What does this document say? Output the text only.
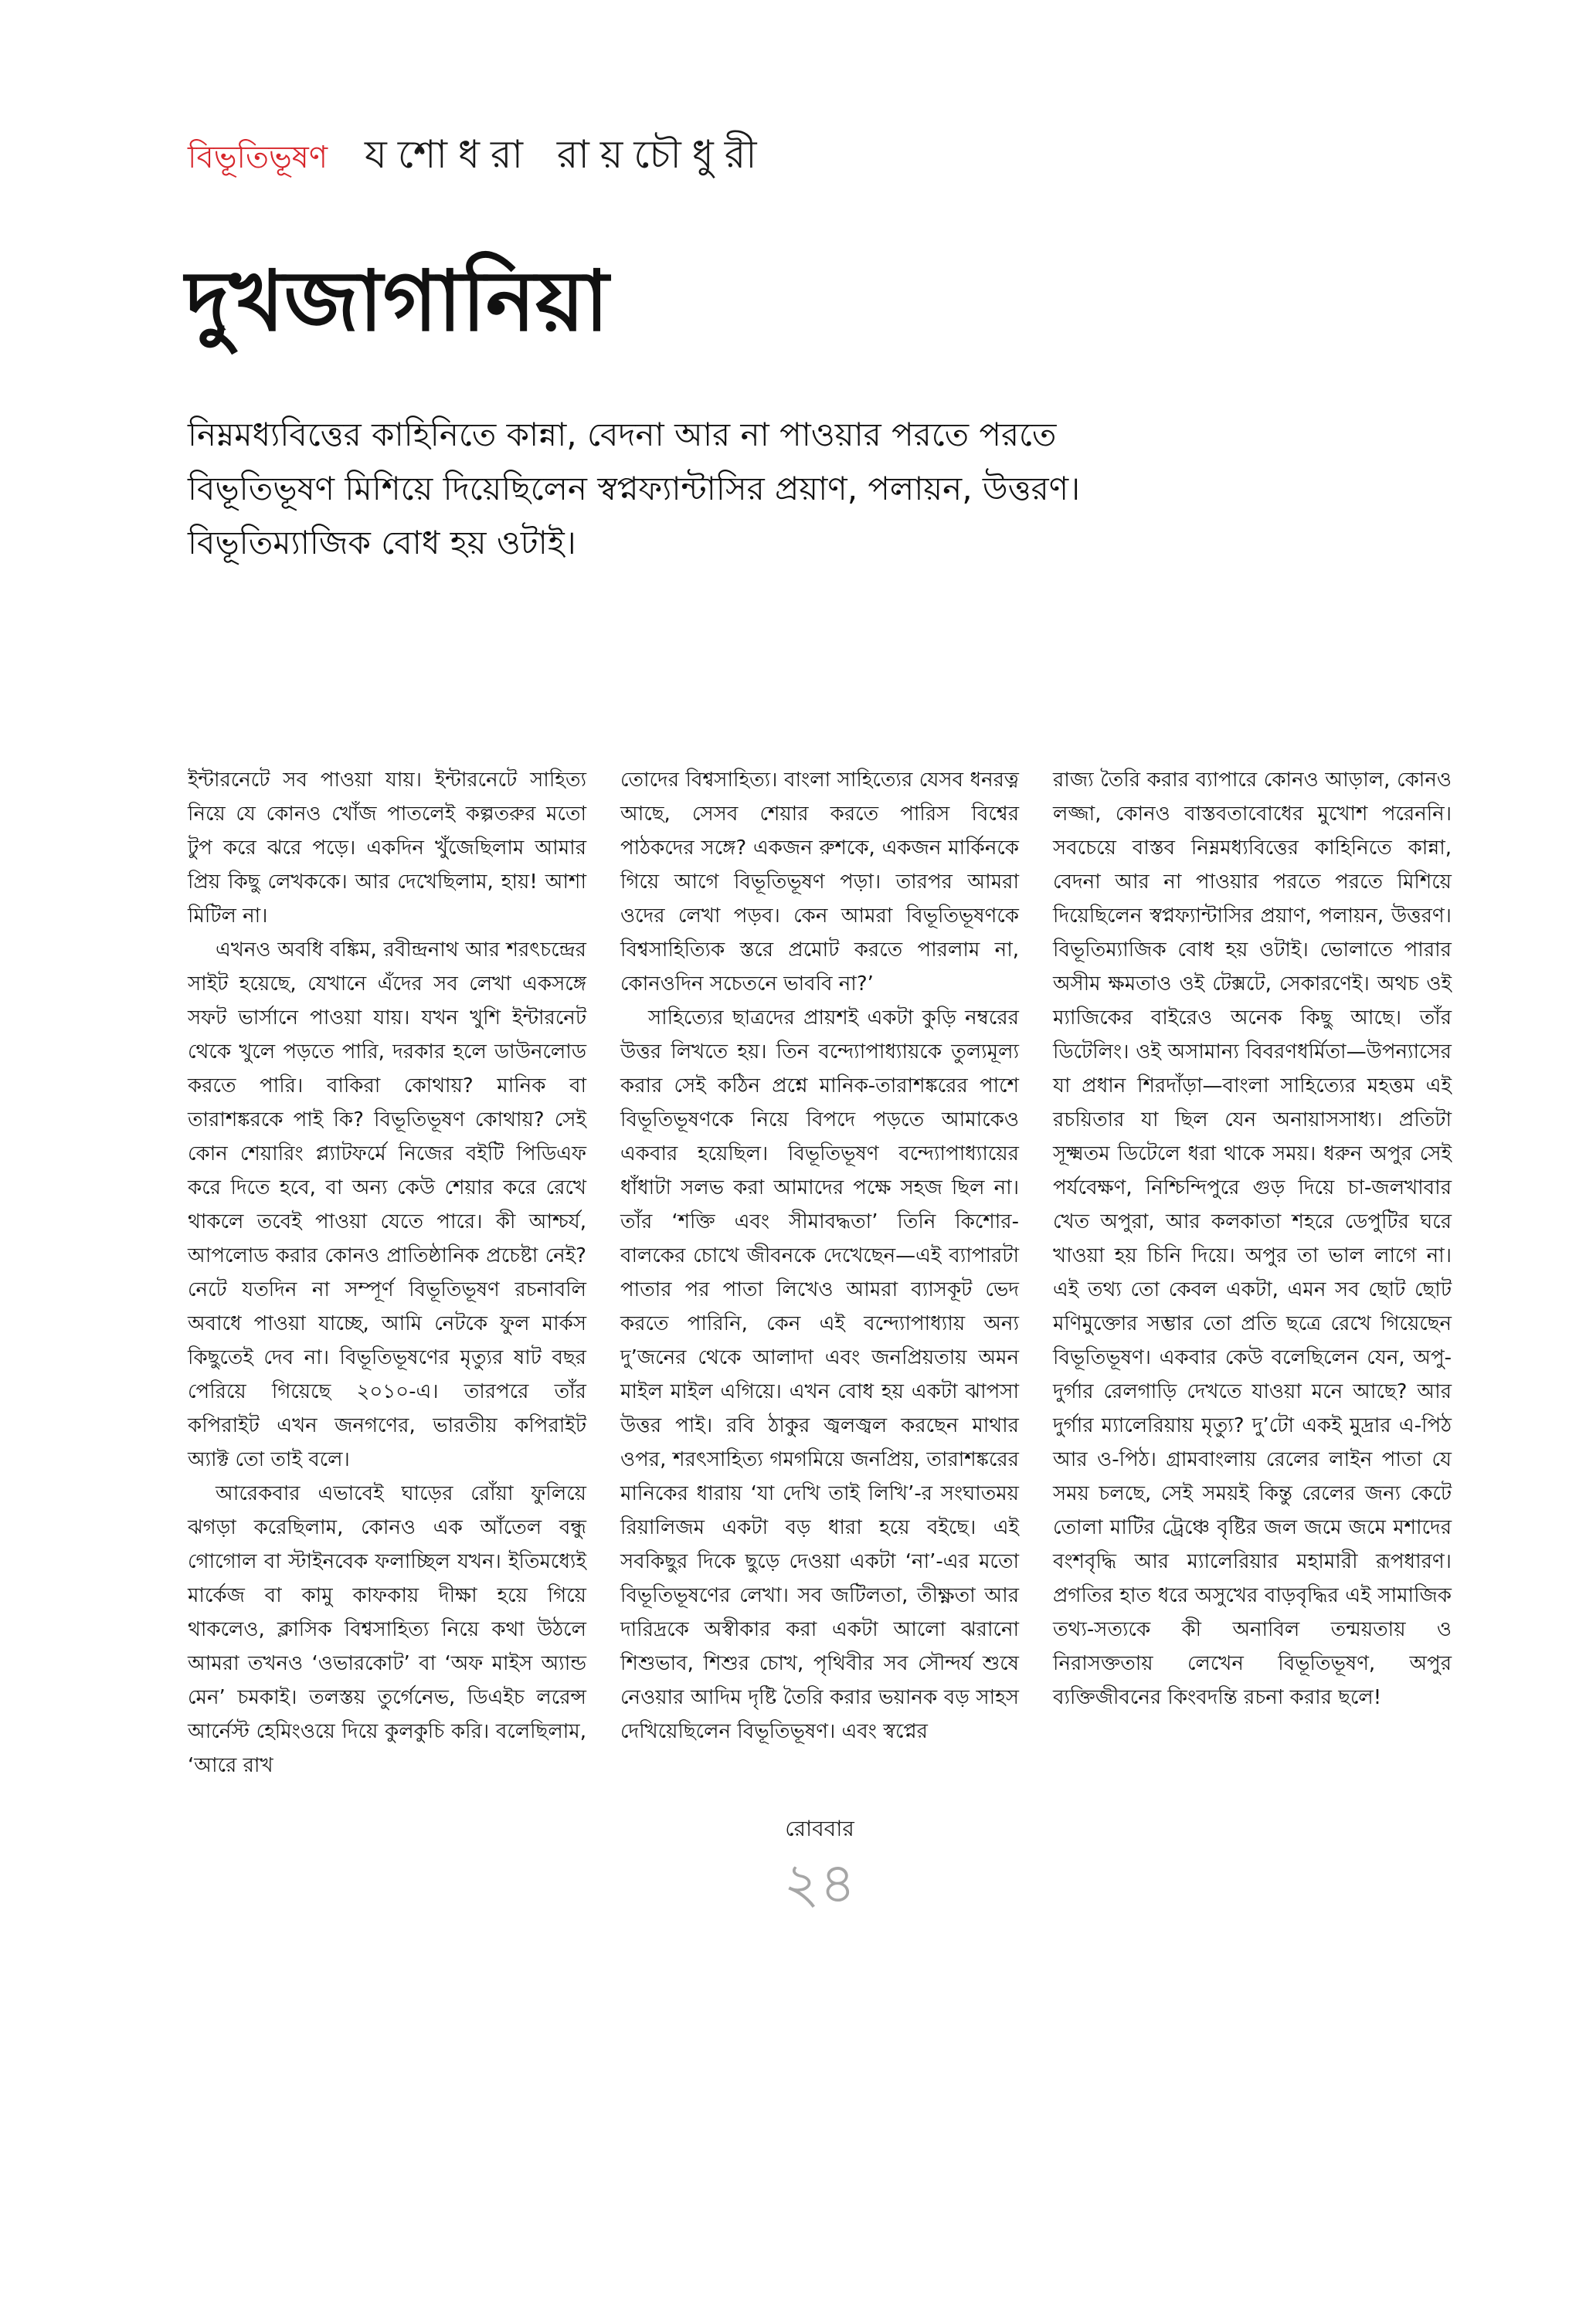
বিভূতিভূষণ যশোধরা রায়চৌধুরী
দুখজাগানিয়া

নিম্নমধ্যবিত্তের কাহিনিতে কান্না, বেদনা আর না পাওয়ার পরতে পরতে বিভূতিভূষণ মিশিয়ে দিয়েছিলেন স্বপ্নফ্যান্টাসির প্রয়াণ, পলায়ন, উত্তরণ। বিভূতিম্যাজিক বোধ হয় ওটাই।

ইন্টারনেটে সব পাওয়া যায়। ইন্টারনেটে সাহিত্য নিয়ে যে কোনও খোঁজ পাতলেই কল্পতরুর মতো টুপ করে ঝরে পড়ে। একদিন খুঁজেছিলাম আমার প্রিয় কিছু লেখককে। আর দেখেছিলাম, হায়! আশা মিটিল না।

এখনও অবধি বঙ্কিম, রবীন্দ্রনাথ আর শরৎচন্দ্রের সাইট হয়েছে, যেখানে এঁদের সব লেখা একসঙ্গে সফট ভার্সানে পাওয়া যায়। যখন খুশি ইন্টারনেট থেকে খুলে পড়তে পারি, দরকার হলে ডাউনলোড করতে পারি। বাকিরা কোথায়? মানিক বা তারাশঙ্করকে পাই কি? বিভূতিভূষণ কোথায়? সেই কোন শেয়ারিং প্ল্যাটফর্মে নিজের বইটি পিডিএফ করে দিতে হবে, বা অন্য কেউ শেয়ার করে রেখে থাকলে তবেই পাওয়া যেতে পারে। কী আশ্চর্য, আপলোড করার কোনও প্রাতিষ্ঠানিক প্রচেষ্টা নেই? নেটে যতদিন না সম্পূর্ণ বিভূতিভূষণ রচনাবলি অবাধে পাওয়া যাচ্ছে, আমি নেটকে ফুল মার্কস কিছুতেই দেব না। বিভূতিভূষণের মৃত্যুর ষাট বছর পেরিয়ে গিয়েছে ২০১০-এ। তারপরে তাঁর কপিরাইট এখন জনগণের, ভারতীয় কপিরাইট অ্যাক্ট তো তাই বলে।

আরেকবার এভাবেই ঘাড়ের রোঁয়া ফুলিয়ে ঝগড়া করেছিলাম, কোনও এক আঁতেল বন্ধু গোগোল বা স্টাইনবেক ফলাচ্ছিল যখন। ইতিমধ্যেই মার্কেজ বা কামু কাফকায় দীক্ষা হয়ে গিয়ে থাকলেও, ক্লাসিক বিশ্বসাহিত্য নিয়ে কথা উঠলে আমরা তখনও ‘ওভারকোট’ বা ‘অফ মাইস অ্যান্ড মেন’ চমকাই। তলস্তয় তুর্গেনেভ, ডিএইচ লরেন্স আর্নেস্ট হেমিংওয়ে দিয়ে কুলকুচি করি। বলেছিলাম, ‘আরে রাখ

তোদের বিশ্বসাহিত্য। বাংলা সাহিত্যের যেসব ধনরত্ন আছে, সেসব শেয়ার করতে পারিস বিশ্বের পাঠকদের সঙ্গে? একজন রুশকে, একজন মার্কিনকে গিয়ে আগে বিভূতিভূষণ পড়া। তারপর আমরা ওদের লেখা পড়ব। কেন আমরা বিভূতিভূষণকে বিশ্বসাহিত্যিক স্তরে প্রমোট করতে পারলাম না, কোনওদিন সচেতনে ভাববি না?’

সাহিত্যের ছাত্রদের প্রায়শই একটা কুড়ি নম্বরের উত্তর লিখতে হয়। তিন বন্দ্যোপাধ্যায়কে তুল্যমূল্য করার সেই কঠিন প্রশ্নে মানিক-তারাশঙ্করের পাশে বিভূতিভূষণকে নিয়ে বিপদে পড়তে আমাকেও একবার হয়েছিল। বিভূতিভূষণ বন্দ্যোপাধ্যায়ের ধাঁধাটা সলভ করা আমাদের পক্ষে সহজ ছিল না। তাঁর ‘শক্তি এবং সীমাবদ্ধতা’ তিনি কিশোর-বালকের চোখে জীবনকে দেখেছেন—এই ব্যাপারটা পাতার পর পাতা লিখেও আমরা ব্যাসকূট ভেদ করতে পারিনি, কেন এই বন্দ্যোপাধ্যায় অন্য দু’জনের থেকে আলাদা এবং জনপ্রিয়তায় অমন মাইল মাইল এগিয়ে। এখন বোধ হয় একটা ঝাপসা উত্তর পাই। রবি ঠাকুর জ্বলজ্বল করছেন মাথার ওপর, শরৎসাহিত্য গমগমিয়ে জনপ্রিয়, তারাশঙ্করের মানিকের ধারায় ‘যা দেখি তাই লিখি’-র সংঘাতময় রিয়ালিজম একটা বড় ধারা হয়ে বইছে। এই সবকিছুর দিকে ছুড়ে দেওয়া একটা ‘না’-এর মতো বিভূতিভূষণের লেখা। সব জটিলতা, তীক্ষ্ণতা আর দারিদ্রকে অস্বীকার করা একটা আলো ঝরানো শিশুভাব, শিশুর চোখ, পৃথিবীর সব সৌন্দর্য শুষে নেওয়ার আদিম দৃষ্টি তৈরি করার ভয়ানক বড় সাহস দেখিয়েছিলেন বিভূতিভূষণ। এবং স্বপ্নের

রাজ্য তৈরি করার ব্যাপারে কোনও আড়াল, কোনও লজ্জা, কোনও বাস্তবতাবোধের মুখোশ পরেননি। সবচেয়ে বাস্তব নিম্নমধ্যবিত্তের কাহিনিতে কান্না, বেদনা আর না পাওয়ার পরতে পরতে মিশিয়ে দিয়েছিলেন স্বপ্নফ্যান্টাসির প্রয়াণ, পলায়ন, উত্তরণ। বিভূতিম্যাজিক বোধ হয় ওটাই। ভোলাতে পারার অসীম ক্ষমতাও ওই টেক্সটে, সেকারণেই। অথচ ওই ম্যাজিকের বাইরেও অনেক কিছু আছে। তাঁর ডিটেলিং। ওই অসামান্য বিবরণধর্মিতা—উপন্যাসের যা প্রধান শিরদাঁড়া—বাংলা সাহিত্যের মহত্তম এই রচয়িতার যা ছিল যেন অনায়াসসাধ্য। প্রতিটা সূক্ষ্মতম ডিটেলে ধরা থাকে সময়। ধরুন অপুর সেই পর্যবেক্ষণ, নিশ্চিন্দিপুরে গুড় দিয়ে চা-জলখাবার খেত অপুরা, আর কলকাতা শহরে ডেপুটির ঘরে খাওয়া হয় চিনি দিয়ে। অপুর তা ভাল লাগে না। এই তথ্য তো কেবল একটা, এমন সব ছোট ছোট মণিমুক্তোর সম্ভার তো প্রতি ছত্রে রেখে গিয়েছেন বিভূতিভূষণ। একবার কেউ বলেছিলেন যেন, অপু-দুর্গার রেলগাড়ি দেখতে যাওয়া মনে আছে? আর দুর্গার ম্যালেরিয়ায় মৃত্যু? দু’টো একই মুদ্রার এ-পিঠ আর ও-পিঠ। গ্রামবাংলায় রেলের লাইন পাতা যে সময় চলছে, সেই সময়ই কিন্তু রেলের জন্য কেটে তোলা মাটির ট্রেঞ্চে বৃষ্টির জল জমে জমে মশাদের বংশবৃদ্ধি আর ম্যালেরিয়ার মহামারী রূপধারণ। প্রগতির হাত ধরে অসুখের বাড়বৃদ্ধির এই সামাজিক তথ্য-সত্যকে কী অনাবিল তন্ময়তায় ও নিরাসক্ততায় লেখেন বিভূতিভূষণ, অপুর ব্যক্তিজীবনের কিংবদন্তি রচনা করার ছলে!

রোববার
২৪
